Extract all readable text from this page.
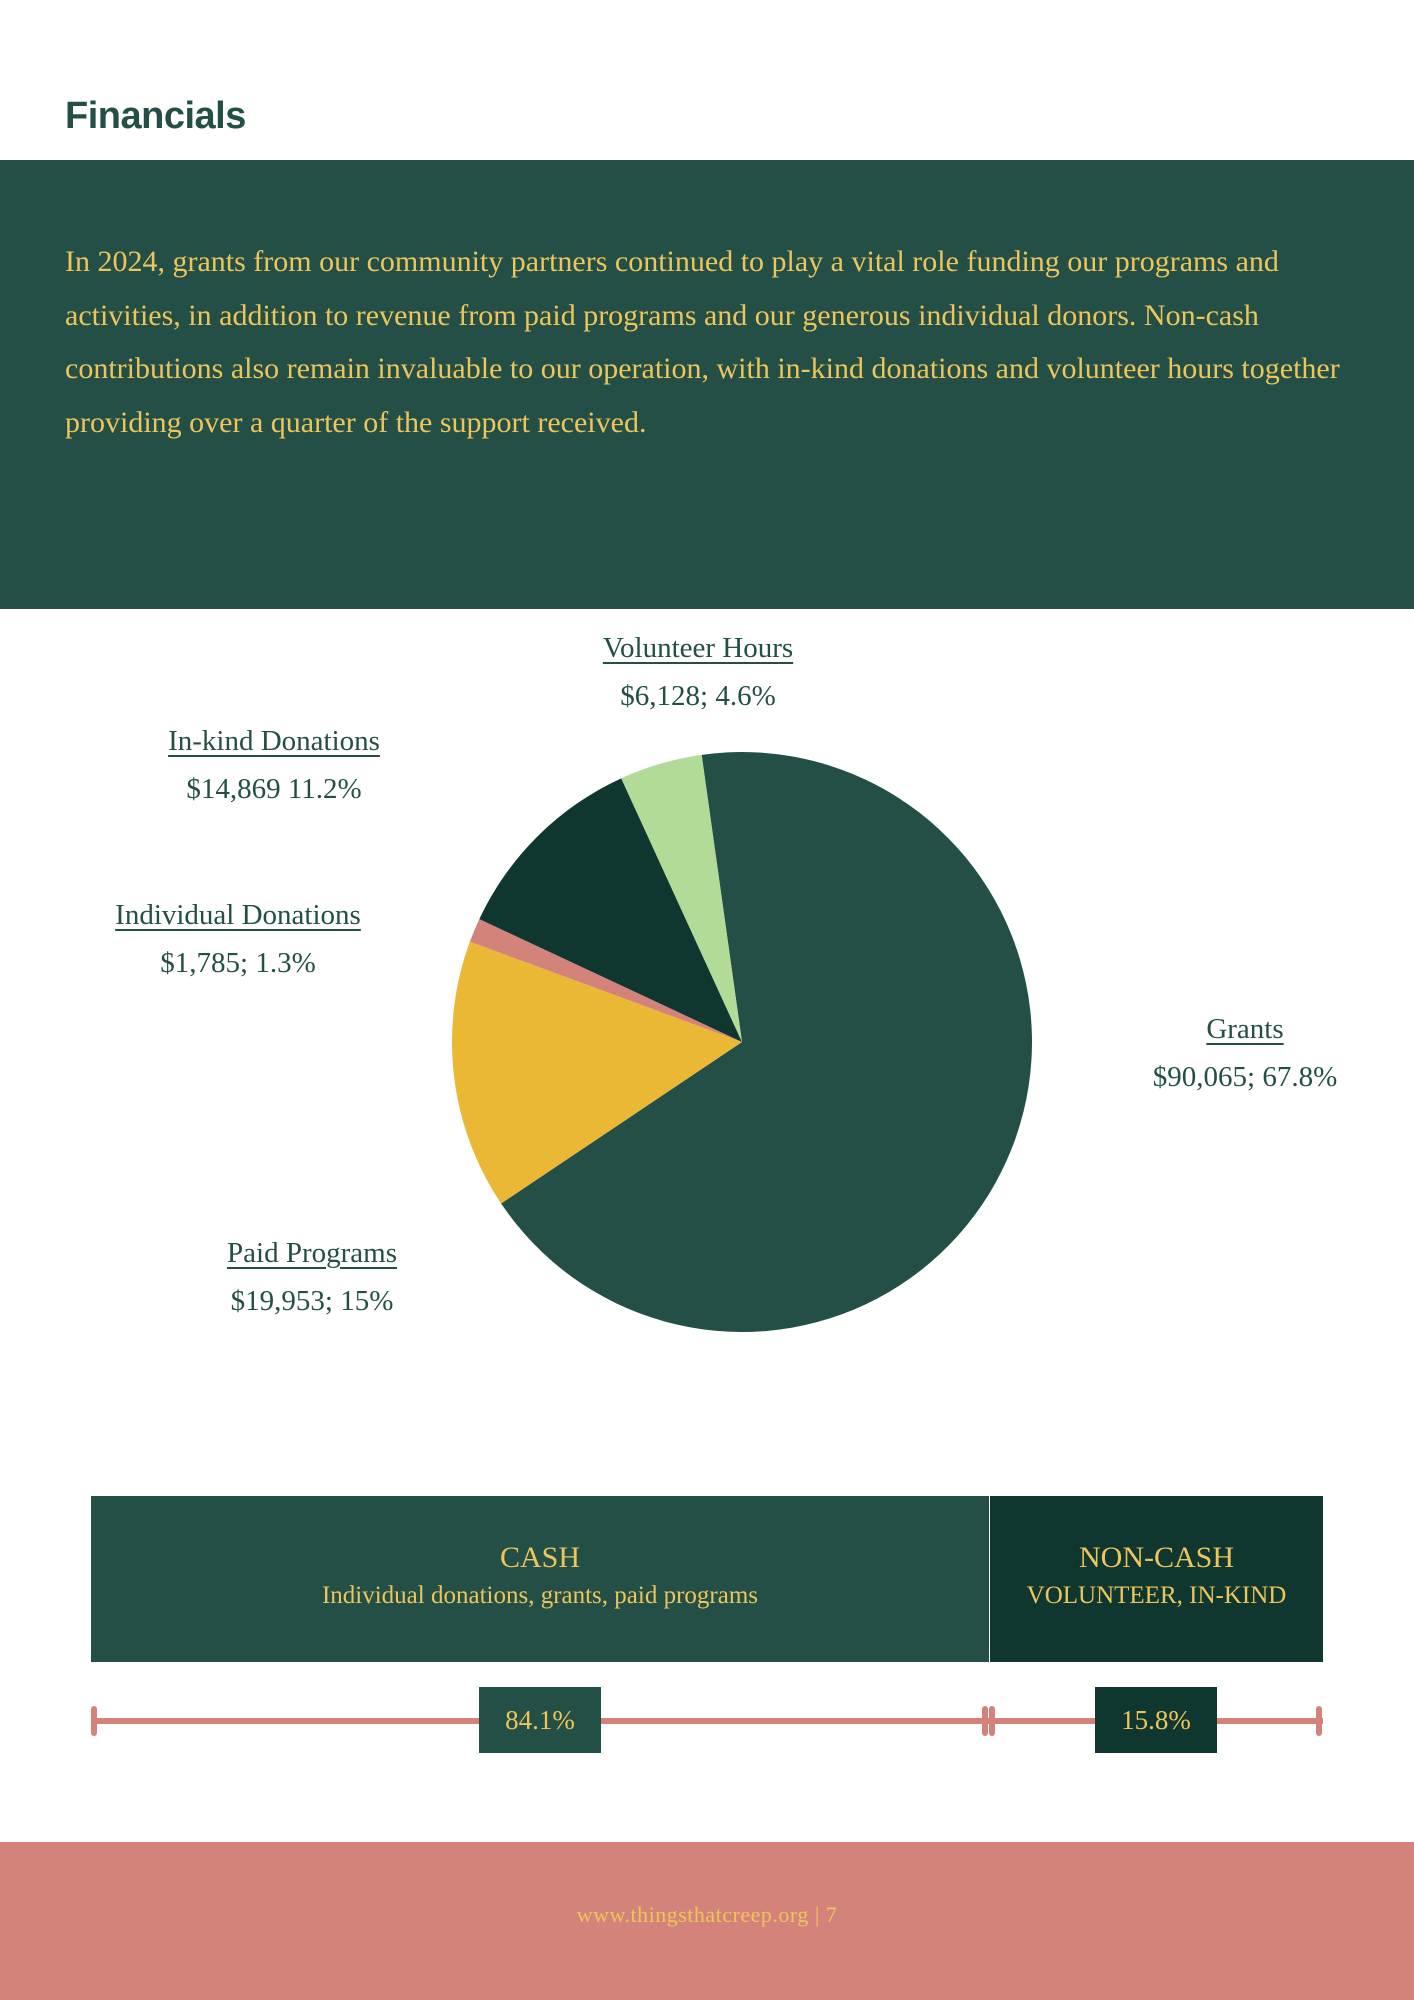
Financials

In 2024, grants from our community partners continued to play a vital role funding our programs and activities, in addition to revenue from paid programs and our generous individual donors. Non-cash contributions also remain invaluable to our operation, with in-kind donations and volunteer hours together providing over a quarter of the support received.

Volunteer Hours
$6,128; 4.6%
In-kind Donations
$14,869 11.2%
Individual Donations
$1,785; 1.3%
Grants
$90,065; 67.8%
Paid Programs
$19,953; 15%
CASH
Individual donations, grants, paid programs
NON-CASH
VOLUNTEER, IN-KIND
84.1%	15.8%
www.thingsthatcreep.org | 7
